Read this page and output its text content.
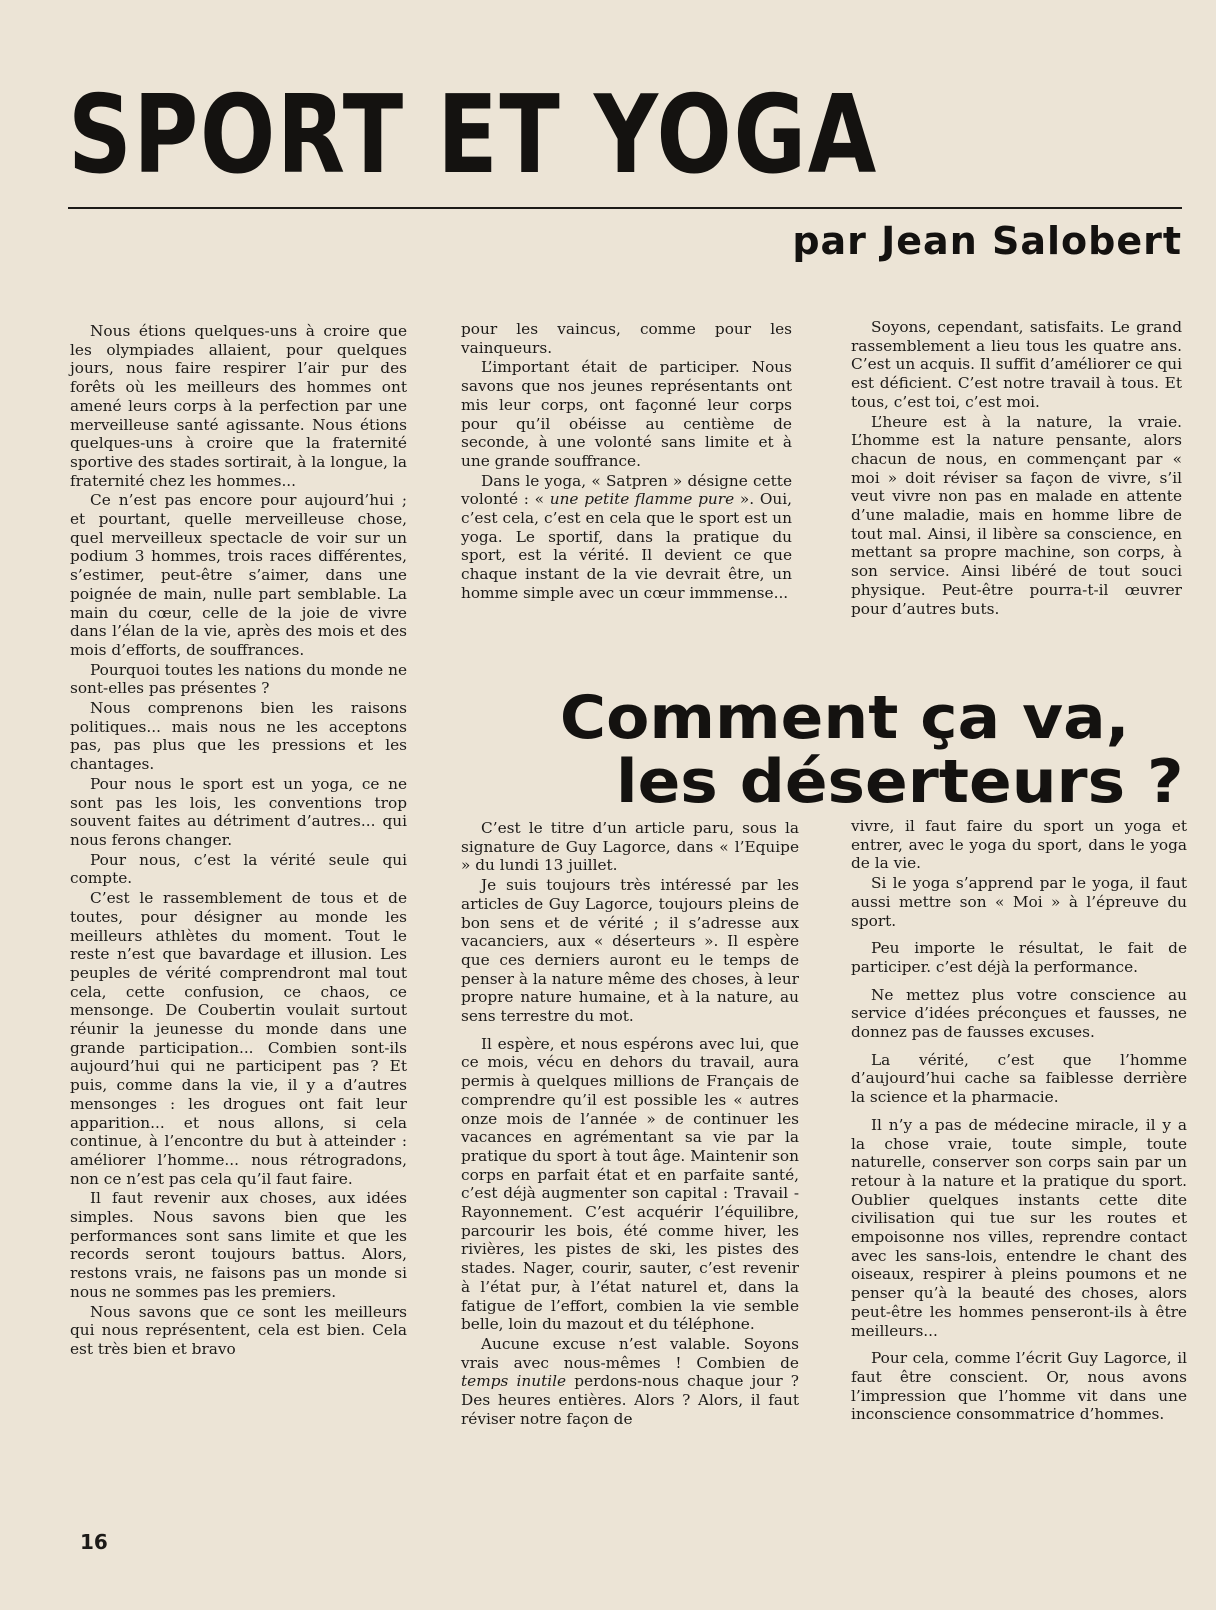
SPORT ET YOGA
par Jean Salobert

Nous étions quelques-uns à croire que les olympiades allaient, pour quelques jours, nous faire respirer l’air pur des forêts où les meilleurs des hommes ont amené leurs corps à la perfection par une merveilleuse santé agissante. Nous étions quelques-uns à croire que la fraternité sportive des stades sortirait, à la longue, la fraternité chez les hommes...

Ce n’est pas encore pour aujourd’hui ; et pourtant, quelle merveilleuse chose, quel merveilleux spectacle de voir sur un podium 3 hommes, trois races différentes, s’estimer, peut-être s’aimer, dans une poignée de main, nulle part semblable. La main du cœur, celle de la joie de vivre dans l’élan de la vie, après des mois et des mois d’efforts, de souffrances.

Pourquoi toutes les nations du monde ne sont-elles pas présentes ?

Nous comprenons bien les raisons politiques... mais nous ne les acceptons pas, pas plus que les pressions et les chantages.

Pour nous le sport est un yoga, ce ne sont pas les lois, les conventions trop souvent faites au détriment d’autres... qui nous ferons changer.

Pour nous, c’est la vérité seule qui compte.

C’est le rassemblement de tous et de toutes, pour désigner au monde les meilleurs athlètes du moment. Tout le reste n’est que bavardage et illusion. Les peuples de vérité comprendront mal tout cela, cette confusion, ce chaos, ce mensonge. De Coubertin voulait surtout réunir la jeunesse du monde dans une grande participation... Combien sont-ils aujourd’hui qui ne participent pas ? Et puis, comme dans la vie, il y a d’autres mensonges : les drogues ont fait leur apparition... et nous allons, si cela continue, à l’encontre du but à atteinder : améliorer l’homme... nous rétrogradons, non ce n’est pas cela qu’il faut faire.

Il faut revenir aux choses, aux idées simples. Nous savons bien que les performances sont sans limite et que les records seront toujours battus. Alors, restons vrais, ne faisons pas un monde si nous ne sommes pas les premiers.

Nous savons que ce sont les meilleurs qui nous représentent, cela est bien. Cela est très bien et bravo

pour les vaincus, comme pour les vainqueurs.

L’important était de participer. Nous savons que nos jeunes représentants ont mis leur corps, ont façonné leur corps pour qu’il obéisse au centième de seconde, à une volonté sans limite et à une grande souffrance.

Dans le yoga, « Satpren » désigne cette volonté : « une petite flamme pure ». Oui, c’est cela, c’est en cela que le sport est un yoga. Le sportif, dans la pratique du sport, est la vérité. Il devient ce que chaque instant de la vie devrait être, un homme simple avec un cœur immmense...

Soyons, cependant, satisfaits. Le grand rassemblement a lieu tous les quatre ans. C’est un acquis. Il suffit d’améliorer ce qui est déficient. C’est notre travail à tous. Et tous, c’est toi, c’est moi.

L’heure est à la nature, la vraie. L’homme est la nature pensante, alors chacun de nous, en commençant par « moi » doit réviser sa façon de vivre, s’il veut vivre non pas en malade en attente d’une maladie, mais en homme libre de tout mal. Ainsi, il libère sa conscience, en mettant sa propre machine, son corps, à son service. Ainsi libéré de tout souci physique. Peut-être pourra-t-il œuvrer pour d’autres buts.

Comment ça va,
les déserteurs ?

C’est le titre d’un article paru, sous la signature de Guy Lagorce, dans « l’Equipe » du lundi 13 juillet.

Je suis toujours très intéressé par les articles de Guy Lagorce, toujours pleins de bon sens et de vérité ; il s’adresse aux vacanciers, aux « déserteurs ». Il espère que ces derniers auront eu le temps de penser à la nature même des choses, à leur propre nature humaine, et à la nature, au sens terrestre du mot.

Il espère, et nous espérons avec lui, que ce mois, vécu en dehors du travail, aura permis à quelques millions de Français de comprendre qu’il est possible les « autres onze mois de l’année » de continuer les vacances en agrémentant sa vie par la pratique du sport à tout âge. Maintenir son corps en parfait état et en parfaite santé, c’est déjà augmenter son capital : Travail - Rayonnement. C’est acquérir l’équilibre, parcourir les bois, été comme hiver, les rivières, les pistes de ski, les pistes des stades. Nager, courir, sauter, c’est revenir à l’état pur, à l’état naturel et, dans la fatigue de l’effort, combien la vie semble belle, loin du mazout et du téléphone.

Aucune excuse n’est valable. Soyons vrais avec nous-mêmes ! Combien de temps inutile perdons-nous chaque jour ? Des heures entières. Alors ? Alors, il faut réviser notre façon de

vivre, il faut faire du sport un yoga et entrer, avec le yoga du sport, dans le yoga de la vie.

Si le yoga s’apprend par le yoga, il faut aussi mettre son « Moi » à l’épreuve du sport.

Peu importe le résultat, le fait de participer. c’est déjà la performance.

Ne mettez plus votre conscience au service d’idées préconçues et fausses, ne donnez pas de fausses excuses.

La vérité, c’est que l’homme d’aujourd’hui cache sa faiblesse derrière la science et la pharmacie.

Il n’y a pas de médecine miracle, il y a la chose vraie, toute simple, toute naturelle, conserver son corps sain par un retour à la nature et la pratique du sport. Oublier quelques instants cette dite civilisation qui tue sur les routes et empoisonne nos villes, reprendre contact avec les sans-lois, entendre le chant des oiseaux, respirer à pleins poumons et ne penser qu’à la beauté des choses, alors peut-être les hommes penseront-ils à être meilleurs...

Pour cela, comme l’écrit Guy Lagorce, il faut être conscient. Or, nous avons l’impression que l’homme vit dans une inconscience consommatrice d’hommes.

16
